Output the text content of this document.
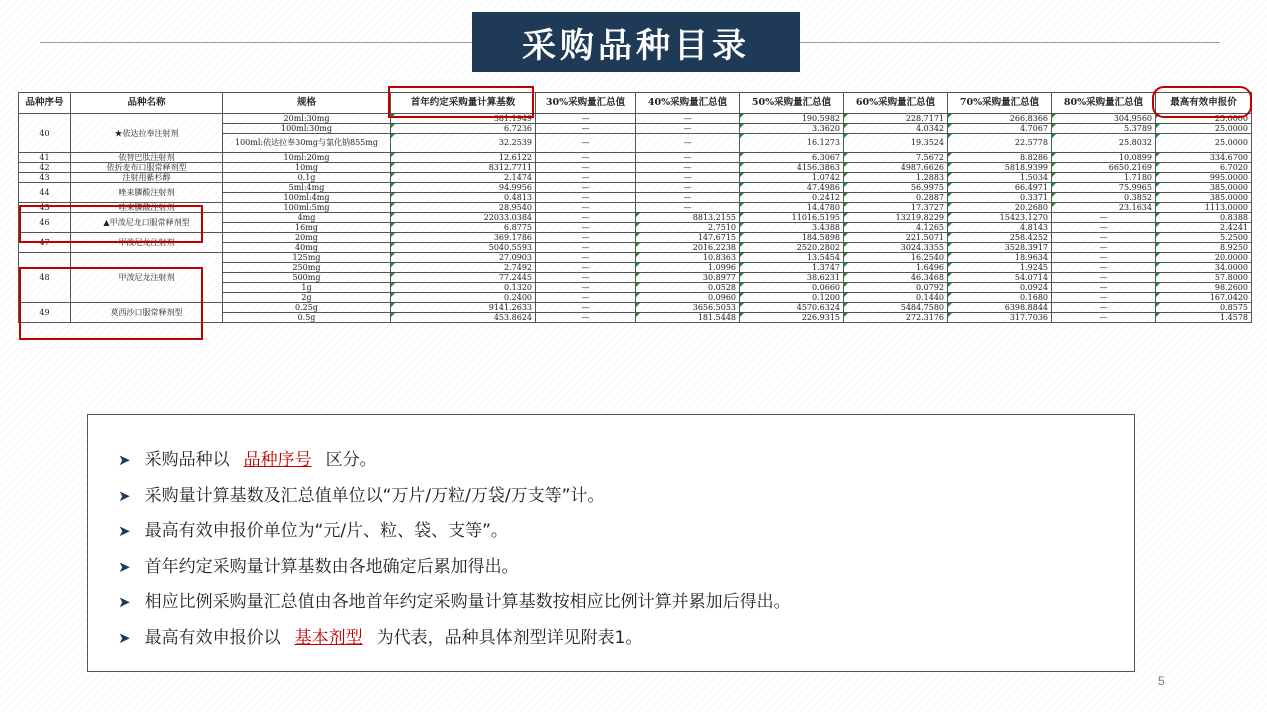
采购品种目录
品种序号	品种名称	规格	首年约定采购量计算基数	30%采购量汇总值	40%采购量汇总值	50%采购量汇总值	60%采购量汇总值	70%采购量汇总值	80%采购量汇总值	最高有效申报价
40	★依达拉奉注射剂	20ml:30mg	381.1949	—	—	190.5982	228.7171	266.8366	304.9560	25.0000
		100ml:30mg	6.7236	—	—	3.3620	4.0342	4.7067	5.3789	25.0000
		100ml:依达拉奉30mg与氯化钠855mg	32.2539	—	—	16.1273	19.3524	22.5778	25.8032	25.0000
41	依替巴肽注射剂	10ml:20mg	12.6122	—	—	6.3067	7.5672	8.8286	10.0899	334.6700
42	依折麦布口服常释剂型	10mg	8312.7711	—	—	4156.3863	4987.6626	5818.9399	6650.2169	6.7020
43	注射用紫杉醇	0.1g	2.1474	—	—	1.0742	1.2883	1.5034	1.7180	995.0000
44	唑来膦酸注射剂	5ml:4mg	94.9956	—	—	47.4986	56.9975	66.4971	75.9965	385.0000
		100ml:4mg	0.4813	—	—	0.2412	0.2887	0.3371	0.3852	385.0000
45	唑来膦酸注射剂	100ml:5mg	28.9540	—	—	14.4780	17.3727	20.2680	23.1634	1113.0000
46	▲甲泼尼龙口服常释剂型	4mg	22033.0384	—	8813.2155	11016.5195	13219.8229	15423.1270	—	0.8388
		16mg	6.8775	—	2.7510	3.4388	4.1265	4.8143	—	2.4241
47	甲泼尼龙注射剂	20mg	369.1786	—	147.6715	184.5898	221.5071	258.4252	—	5.2500
		40mg	5040.5593	—	2016.2238	2520.2802	3024.3355	3528.3917	—	8.9250
48	甲泼尼龙注射剂	125mg	27.0903	—	10.8363	13.5454	16.2540	18.9634	—	20.0000
		250mg	2.7492	—	1.0996	1.3747	1.6496	1.9245	—	34.0000
		500mg	77.2445	—	30.8977	38.6231	46.3468	54.0714	—	57.8000
		1g	0.1320	—	0.0528	0.0660	0.0792	0.0924	—	98.2600
		2g	0.2400	—	0.0960	0.1200	0.1440	0.1680	—	167.0420
49	莫西沙口服常释剂型	0.25g	9141.2633	—	3656.5053	4570.6324	5484.7580	6398.8844	—	0.8575
		0.5g	453.8624	—	181.5448	226.9315	272.3176	317.7036	—	1.4578
➤ 采购品种以 品种序号 区分。
➤ 采购量计算基数及汇总值单位以“万片/万粒/万袋/万支等”计。
➤ 最高有效申报价单位为“元/片、粒、袋、支等”。
➤ 首年约定采购量计算基数由各地确定后累加得出。
➤ 相应比例采购量汇总值由各地首年约定采购量计算基数按相应比例计算并累加后得出。
➤ 最高有效申报价以 基本剂型 为代表，品种具体剂型详见附表1。
5
